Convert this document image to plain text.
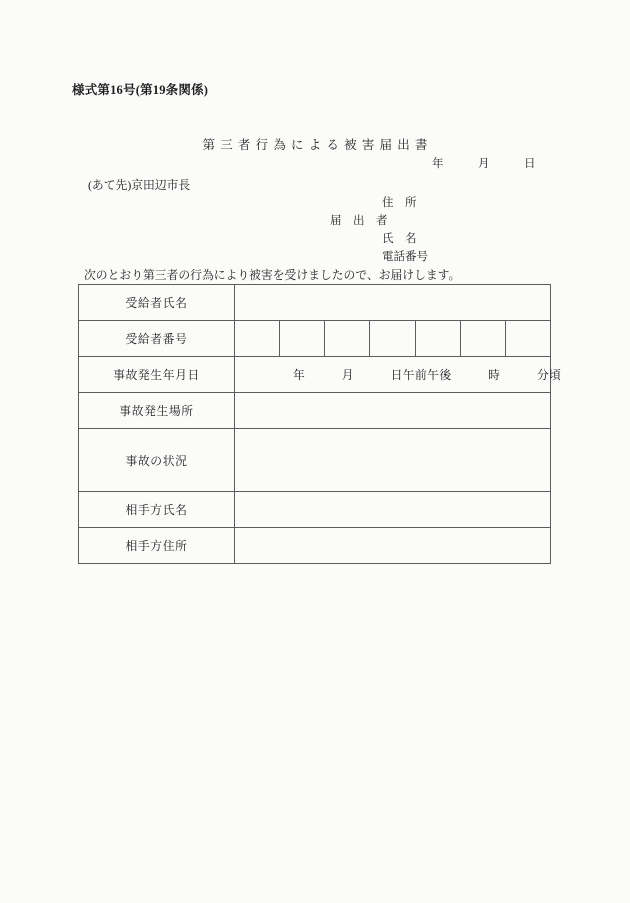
様式第16号(第19条関係)
第三者行為による被害届出書
年　　　月　　　日
(あて先)京田辺市長

住　所

届　出　者

氏　名

電話番号

次のとおり第三者の行為により被害を受けましたので、お届けします。
受給者氏名							
受給者番号							
事故発生年月日	年　　　月　　　日午前午後　　　時　　　分頃						

事故発生場所							
事故の状況							
相手方氏名							
相手方住所							
